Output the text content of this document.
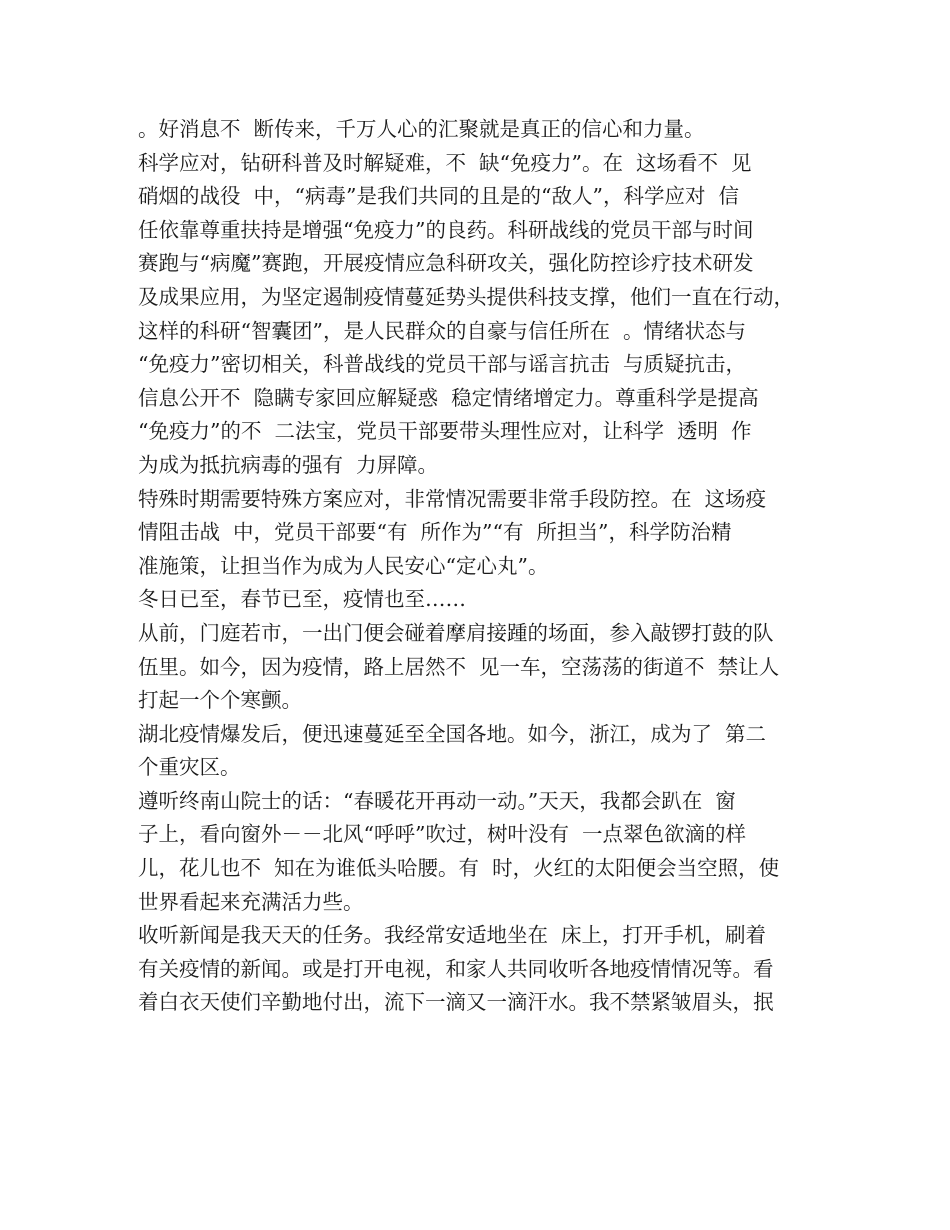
。好消息不  断传来，千万人心的汇聚就是真正的信心和力量。
科学应对，钻研科普及时解疑难，不  缺“免疫力”。在  这场看不  见
硝烟的战役  中，“病毒”是我们共同的且是的“敌人”，科学应对  信
任依靠尊重扶持是增强“免疫力”的良药。科研战线的党员干部与时间
赛跑与“病魔”赛跑，开展疫情应急科研攻关，强化防控诊疗技术研发
及成果应用，为坚定遏制疫情蔓延势头提供科技支撑，他们一直在行动，
这样的科研“智囊团”，是人民群众的自豪与信任所在  。情绪状态与
“免疫力”密切相关，科普战线的党员干部与谣言抗击  与质疑抗击，
信息公开不  隐瞒专家回应解疑惑  稳定情绪增定力。尊重科学是提高
“免疫力”的不  二法宝，党员干部要带头理性应对，让科学  透明  作
为成为抵抗病毒的强有  力屏障。
特殊时期需要特殊方案应对，非常情况需要非常手段防控。在  这场疫
情阻击战  中，党员干部要“有  所作为”“有  所担当”，科学防治精
准施策，让担当作为成为人民安心“定心丸”。
冬日已至，春节已至，疫情也至……
从前，门庭若市，一出门便会碰着摩肩接踵的场面，参入敲锣打鼓的队
伍里。如今，因为疫情，路上居然不  见一车，空荡荡的街道不  禁让人
打起一个个寒颤。
湖北疫情爆发后，便迅速蔓延至全国各地。如今，浙江，成为了  第二
个重灾区。
遵听终南山院士的话：“春暖花开再动一动。”天天，我都会趴在  窗
子上，看向窗外－－北风“呼呼”吹过，树叶没有  一点翠色欲滴的样
儿，花儿也不  知在为谁低头哈腰。有  时，火红的太阳便会当空照，使
世界看起来充满活力些。
收听新闻是我天天的任务。我经常安适地坐在  床上，打开手机，刷着
有关疫情的新闻。或是打开电视，和家人共同收听各地疫情情况等。看
着白衣天使们辛勤地付出，流下一滴又一滴汗水。我不禁紧皱眉头，抿
